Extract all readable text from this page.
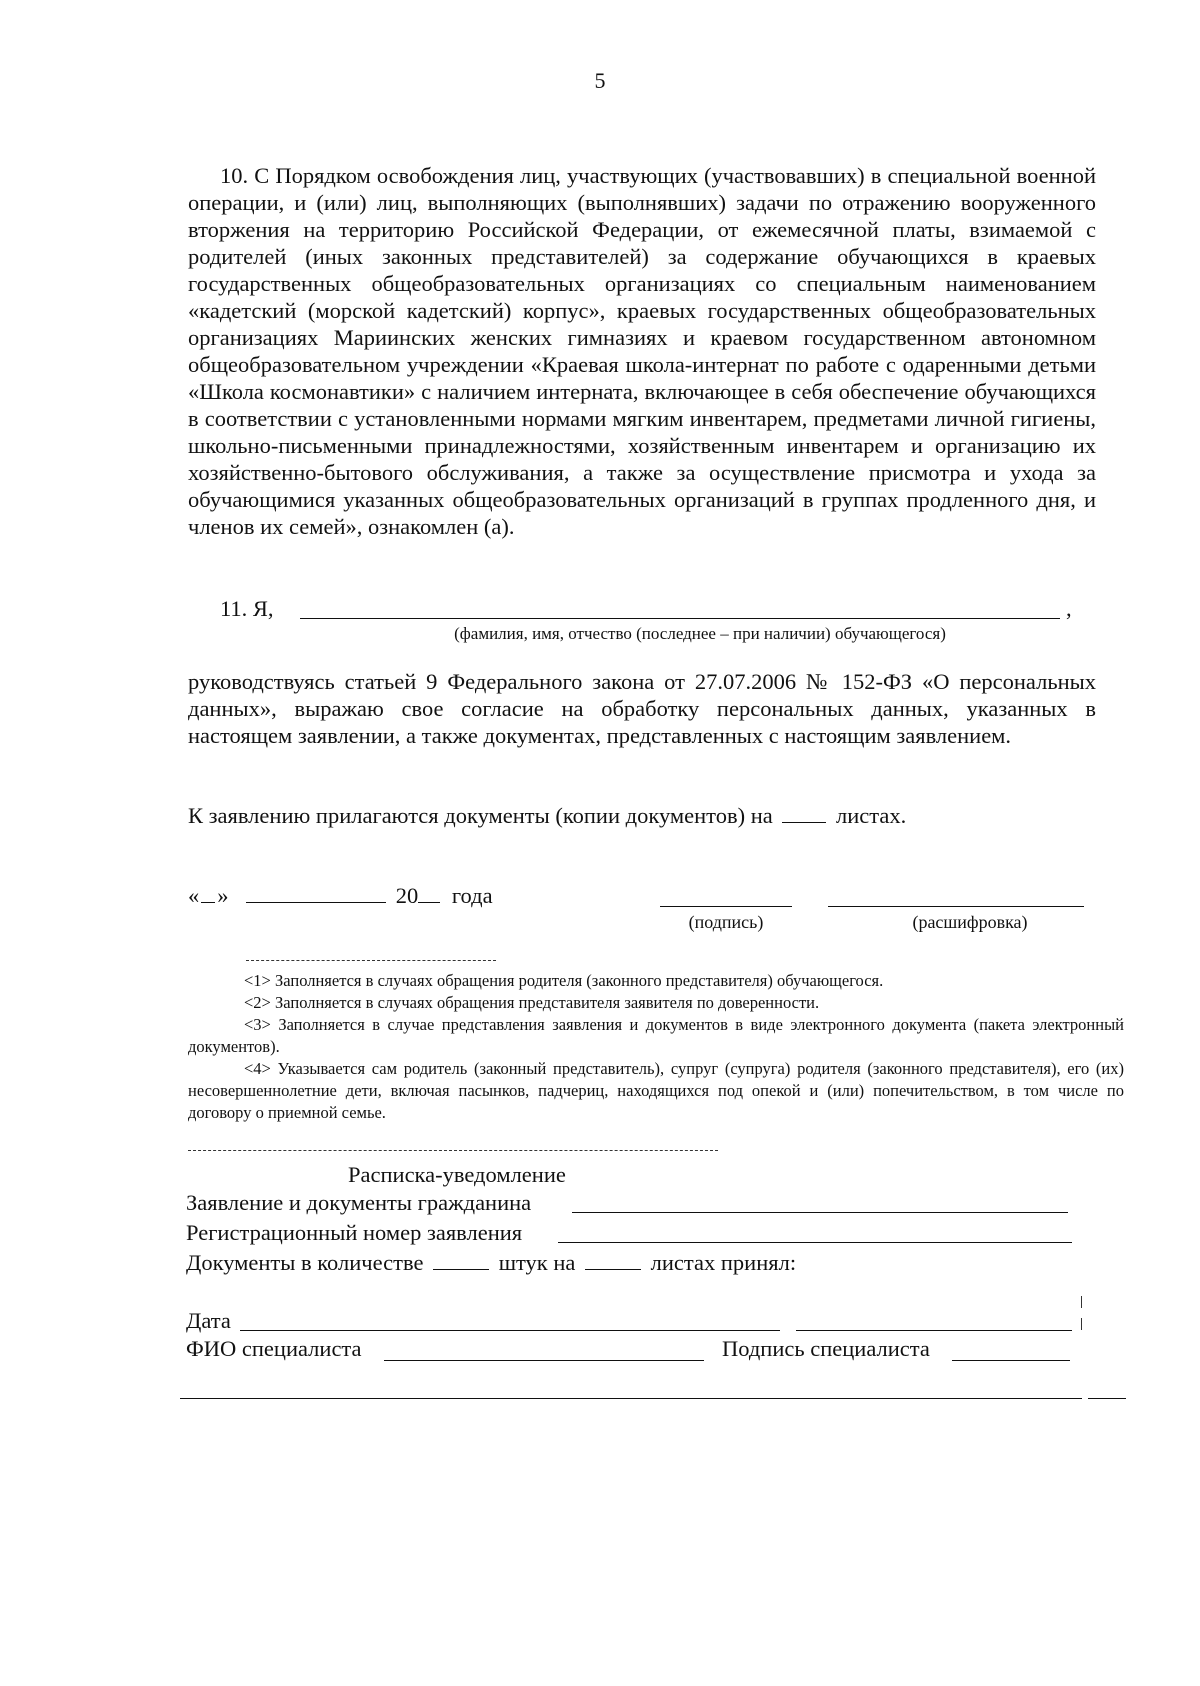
5

10. С Порядком освобождения лиц, участвующих (участвовавших) в специальной военной операции, и (или) лиц, выполняющих (выполнявших) задачи по отражению вооруженного вторжения на территорию Российской Федерации, от ежемесячной платы, взимаемой с родителей (иных законных представителей) за содержание обучающихся в краевых государственных общеобразовательных организациях со специальным наименованием «кадетский (морской кадетский) корпус», краевых государственных общеобразовательных организациях Мариинских женских гимназиях и краевом государственном автономном общеобразовательном учреждении «Краевая школа-интернат по работе с одаренными детьми «Школа космонавтики» с наличием интерната, включающее в себя обеспечение обучающихся в соответствии с установленными нормами мягким инвентарем, предметами личной гигиены, школьно-письменными принадлежностями, хозяйственным инвентарем и организацию их хозяйственно-бытового обслуживания, а также за осуществление присмотра и ухода за обучающимися указанных общеобразовательных организаций в группах продленного дня, и членов их семей», ознакомлен (а).

11. Я,	,
(фамилия, имя, отчество (последнее – при наличии) обучающегося)

руководствуясь статьей 9 Федерального закона от 27.07.2006 № 152-ФЗ «О персональных данных», выражаю свое согласие на обработку персональных данных, указанных в настоящем заявлении, а также документах, представленных с настоящим заявлением.

К заявлению прилагаются документы (копии документов) на	листах.
« »	20 года
(подпись)	(расшифровка)

<1> Заполняется в случаях обращения родителя (законного представителя) обучающегося.

<2> Заполняется в случаях обращения представителя заявителя по доверенности.

<3> Заполняется в случае представления заявления и документов в виде электронного документа (пакета электронный документов).

<4> Указывается сам родитель (законный представитель), супруг (супруга) родителя (законного представителя), его (их) несовершеннолетние дети, включая пасынков, падчериц, находящихся под опекой и (или) попечительством, в том числе по договору о приемной семье.

Расписка-уведомление
Заявление и документы гражданина
Регистрационный номер заявления
Документы в количестве	штук на	листах принял:
Дата
ФИО специалиста	Подпись специалиста
